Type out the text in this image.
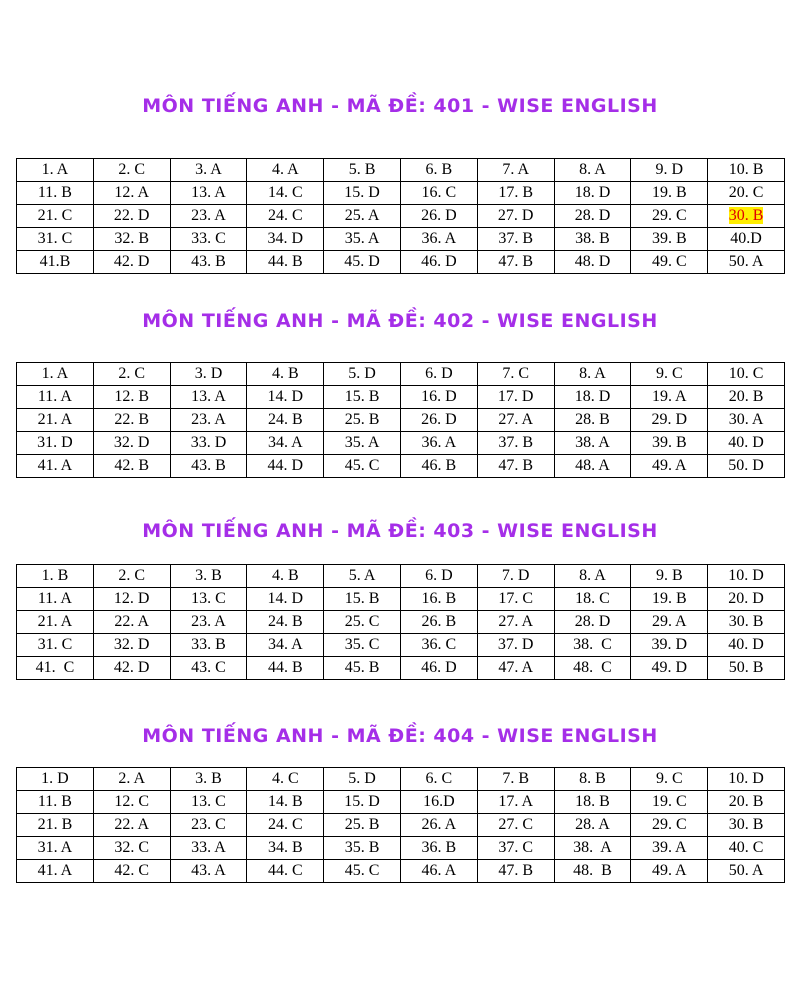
MÔN TIẾNG ANH - MÃ ĐỀ: 401 - WISE ENGLISH
1. A	2. C	3. A	4. A	5. B	6. B	7. A	8. A	9. D	10. B
11. B	12. A	13. A	14. C	15. D	16. C	17. B	18. D	19. B	20. C
21. C	22. D	23. A	24. C	25. A	26. D	27. D	28. D	29. C	30. B
31. C	32. B	33. C	34. D	35. A	36. A	37. B	38. B	39. B	40.D
41.B	42. D	43. B	44. B	45. D	46. D	47. B	48. D	49. C	50. A
MÔN TIẾNG ANH - MÃ ĐỀ: 402 - WISE ENGLISH
1. A	2. C	3. D	4. B	5. D	6. D	7. C	8. A	9. C	10. C
11. A	12. B	13. A	14. D	15. B	16. D	17. D	18. D	19. A	20. B
21. A	22. B	23. A	24. B	25. B	26. D	27. A	28. B	29. D	30. A
31. D	32. D	33. D	34. A	35. A	36. A	37. B	38. A	39. B	40. D
41. A	42. B	43. B	44. D	45. C	46. B	47. B	48. A	49. A	50. D
MÔN TIẾNG ANH - MÃ ĐỀ: 403 - WISE ENGLISH
1. B	2. C	3. B	4. B	5. A	6. D	7. D	8. A	9. B	10. D
11. A	12. D	13. C	14. D	15. B	16. B	17. C	18. C	19. B	20. D
21. A	22. A	23. A	24. B	25. C	26. B	27. A	28. D	29. A	30. B
31. C	32. D	33. B	34. A	35. C	36. C	37. D	38.  C	39. D	40. D
41.  C	42. D	43. C	44. B	45. B	46. D	47. A	48.  C	49. D	50. B
MÔN TIẾNG ANH - MÃ ĐỀ: 404 - WISE ENGLISH
1. D	2. A	3. B	4. C	5. D	6. C	7. B	8. B	9. C	10. D
11. B	12. C	13. C	14. B	15. D	16.D	17. A	18. B	19. C	20. B
21. B	22. A	23. C	24. C	25. B	26. A	27. C	28. A	29. C	30. B
31. A	32. C	33. A	34. B	35. B	36. B	37. C	38.  A	39. A	40. C
41. A	42. C	43. A	44. C	45. C	46. A	47. B	48.  B	49. A	50. A
